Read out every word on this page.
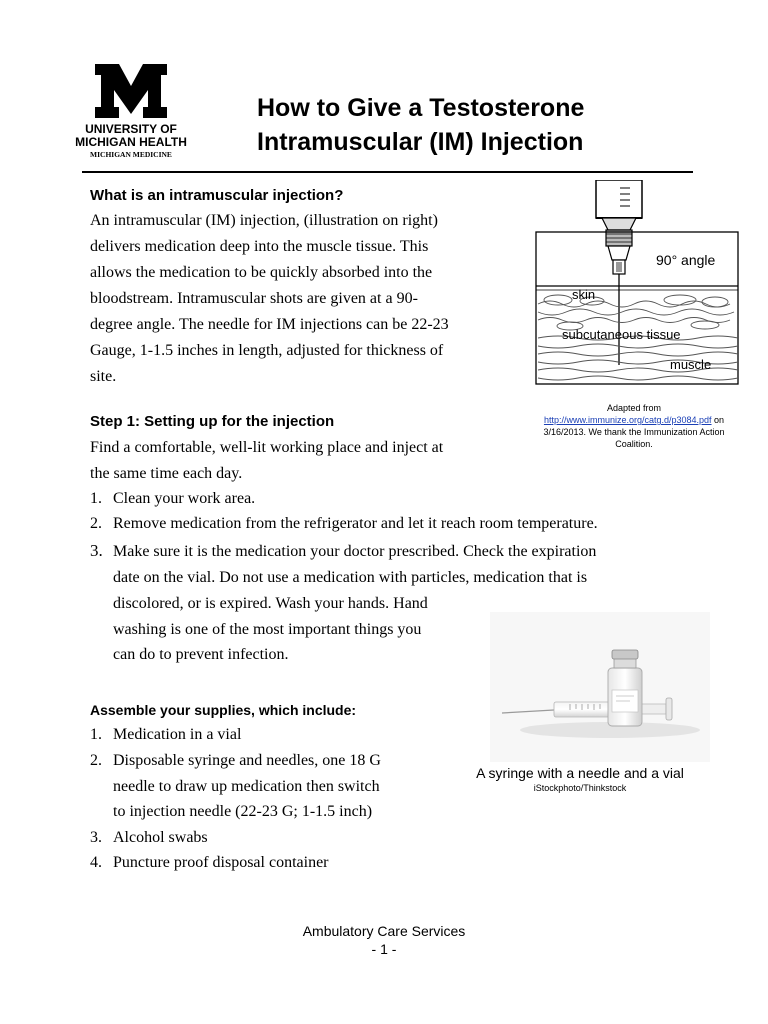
UNIVERSITY OF
MICHIGAN HEALTH
MICHIGAN MEDICINE
How to Give a Testosterone
Intramuscular (IM) Injection
What is an intramuscular injection?
An intramuscular (IM) injection, (illustration on right)
delivers medication deep into the muscle tissue. This
allows the medication to be quickly absorbed into the
bloodstream. Intramuscular shots are given at a 90-
degree angle. The needle for IM injections can be 22-23
Gauge, 1-1.5 inches in length, adjusted for thickness of
site.
90° angle
skin
subcutaneous tissue
muscle
Adapted from
http://www.immunize.org/catg.d/p3084.pdf on
3/16/2013. We thank the Immunization Action
Coalition.
Step 1: Setting up for the injection
Find a comfortable, well-lit working place and inject at
the same time each day.
1. Clean your work area.
2. Remove medication from the refrigerator and let it reach room temperature.
3. Make sure it is the medication your doctor prescribed. Check the expiration
date on the vial. Do not use a medication with particles, medication that is
discolored, or is expired. Wash your hands. Hand
washing is one of the most important things you
can do to prevent infection.
A syringe with a needle and a vial
iStockphoto/Thinkstock
Assemble your supplies, which include:
1. Medication in a vial
2. Disposable syringe and needles, one 18 G
needle to draw up medication then switch
to injection needle (22-23 G; 1-1.5 inch)
3. Alcohol swabs
4. Puncture proof disposal container
Ambulatory Care Services
- 1 -
